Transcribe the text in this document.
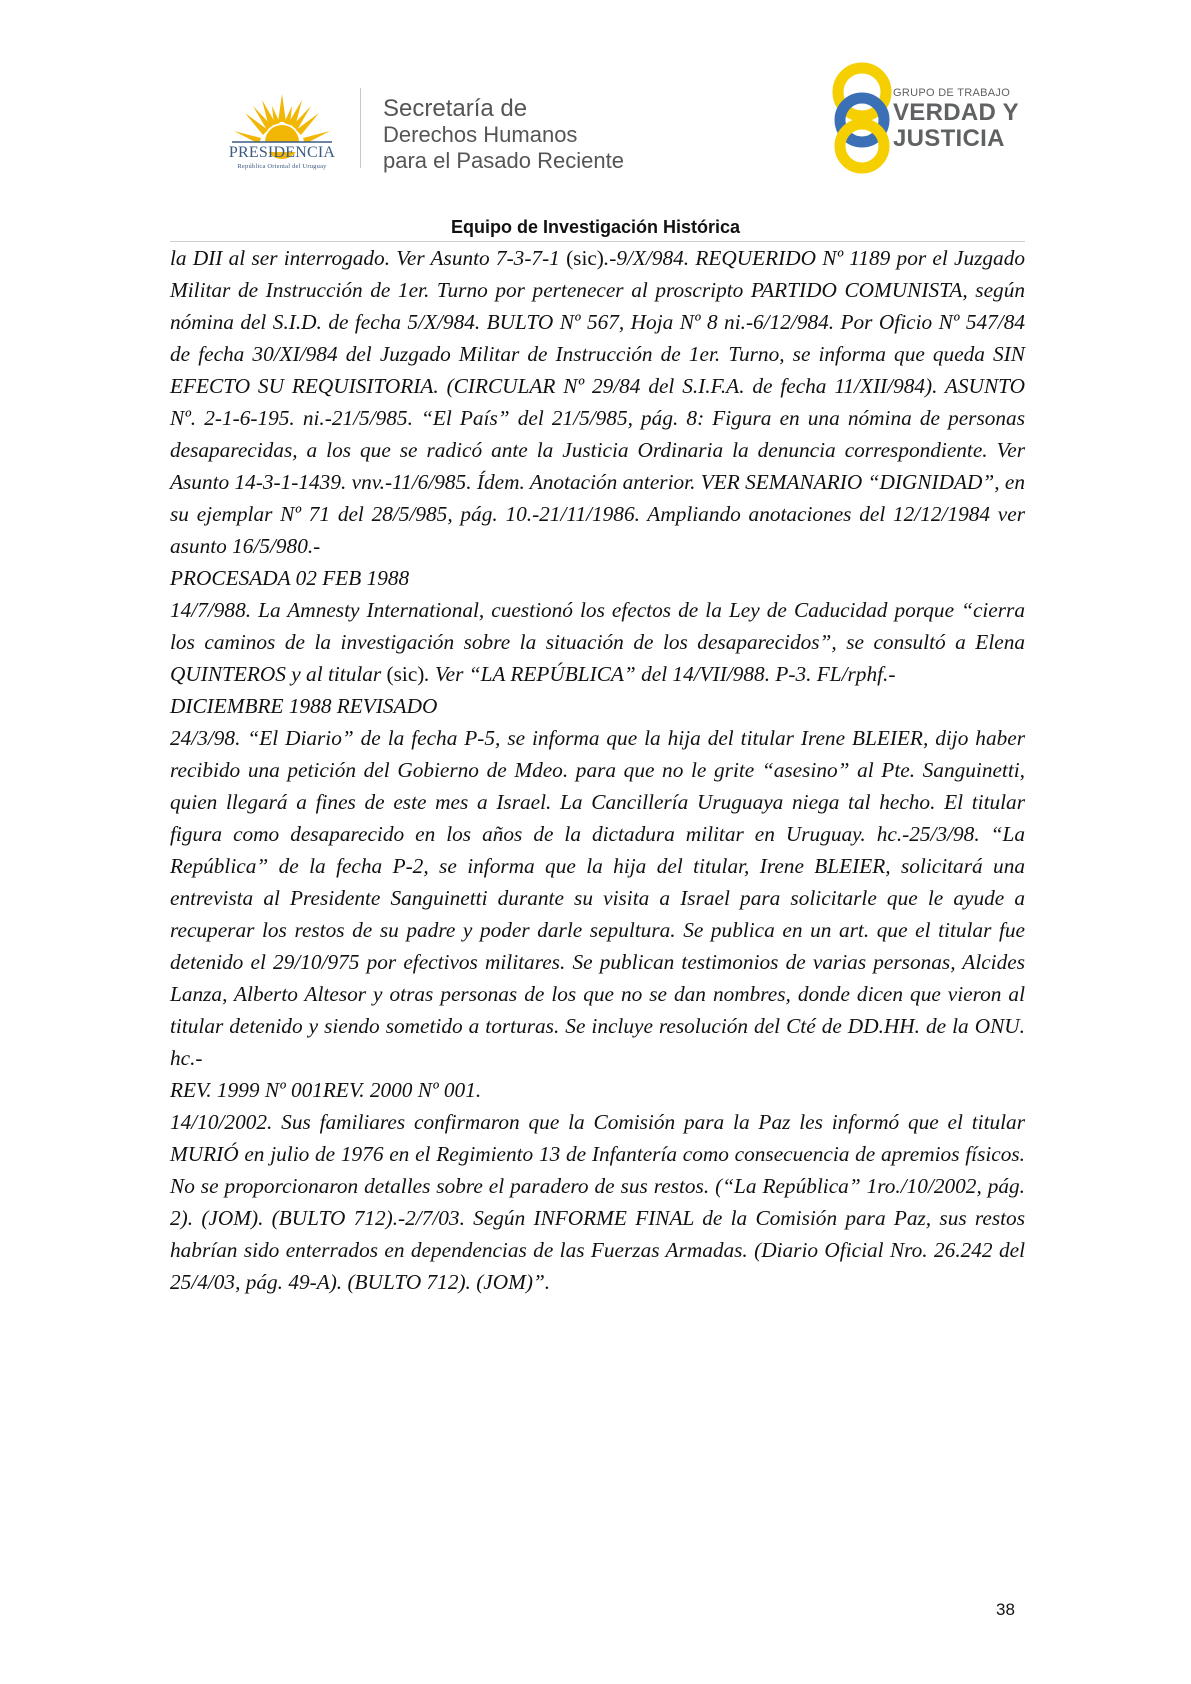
PRESIDENCIA
República Oriental del Uruguay
Secretaría de
Derechos Humanos
para el Pasado Reciente
GRUPO DE TRABAJO
VERDAD Y
JUSTICIA
Equipo de Investigación Histórica

la DII al ser interrogado. Ver Asunto 7-3-7-1 (sic).-9/X/984. REQUERIDO Nº 1189 por el Juzgado Militar de Instrucción de 1er. Turno por pertenecer al proscripto PARTIDO COMUNISTA, según nómina del S.I.D. de fecha 5/X/984. BULTO Nº 567, Hoja Nº 8 ni.-6/12/984. Por Oficio Nº 547/84 de fecha 30/XI/984 del Juzgado Militar de Instrucción de 1er. Turno, se informa que queda SIN EFECTO SU REQUISITORIA. (CIRCULAR Nº 29/84 del S.I.F.A. de fecha 11/XII/984). ASUNTO Nº. 2-1-6-195. ni.-21/5/985. “El País” del 21/5/985, pág. 8: Figura en una nómina de personas desaparecidas, a los que se radicó ante la Justicia Ordinaria la denuncia correspondiente. Ver Asunto 14-3-1-1439. vnv.-11/6/985. Ídem. Anotación anterior. VER SEMANARIO “DIGNIDAD”, en su ejemplar Nº 71 del 28/5/985, pág. 10.-21/11/1986. Ampliando anotaciones del 12/12/1984 ver asunto 16/5/980.-

PROCESADA 02 FEB 1988

14/7/988. La Amnesty International, cuestionó los efectos de la Ley de Caducidad porque “cierra los caminos de la investigación sobre la situación de los desaparecidos”, se consultó a Elena QUINTEROS y al titular (sic). Ver “LA REPÚBLICA” del 14/VII/988. P-3. FL/rphf.-

DICIEMBRE 1988 REVISADO

24/3/98. “El Diario” de la fecha P-5, se informa que la hija del titular Irene BLEIER, dijo haber recibido una petición del Gobierno de Mdeo. para que no le grite “asesino” al Pte. Sanguinetti, quien llegará a fines de este mes a Israel. La Cancillería Uruguaya niega tal hecho. El titular figura como desaparecido en los años de la dictadura militar en Uruguay. hc.-25/3/98. “La República” de la fecha P-2, se informa que la hija del titular, Irene BLEIER, solicitará una entrevista al Presidente Sanguinetti durante su visita a Israel para solicitarle que le ayude a recuperar los restos de su padre y poder darle sepultura. Se publica en un art. que el titular fue detenido el 29/10/975 por efectivos militares. Se publican testimonios de varias personas, Alcides Lanza, Alberto Altesor y otras personas de los que no se dan nombres, donde dicen que vieron al titular detenido y siendo sometido a torturas. Se incluye resolución del Cté de DD.HH. de la ONU. hc.-

REV. 1999 Nº 001REV. 2000 Nº 001.

14/10/2002. Sus familiares confirmaron que la Comisión para la Paz les informó que el titular MURIÓ en julio de 1976 en el Regimiento 13 de Infantería como consecuencia de apremios físicos. No se proporcionaron detalles sobre el paradero de sus restos. (“La República” 1ro./10/2002, pág. 2). (JOM). (BULTO 712).-2/7/03. Según INFORME FINAL de la Comisión para Paz, sus restos habrían sido enterrados en dependencias de las Fuerzas Armadas. (Diario Oficial Nro. 26.242 del 25/4/03, pág. 49-A). (BULTO 712). (JOM)”.

38
